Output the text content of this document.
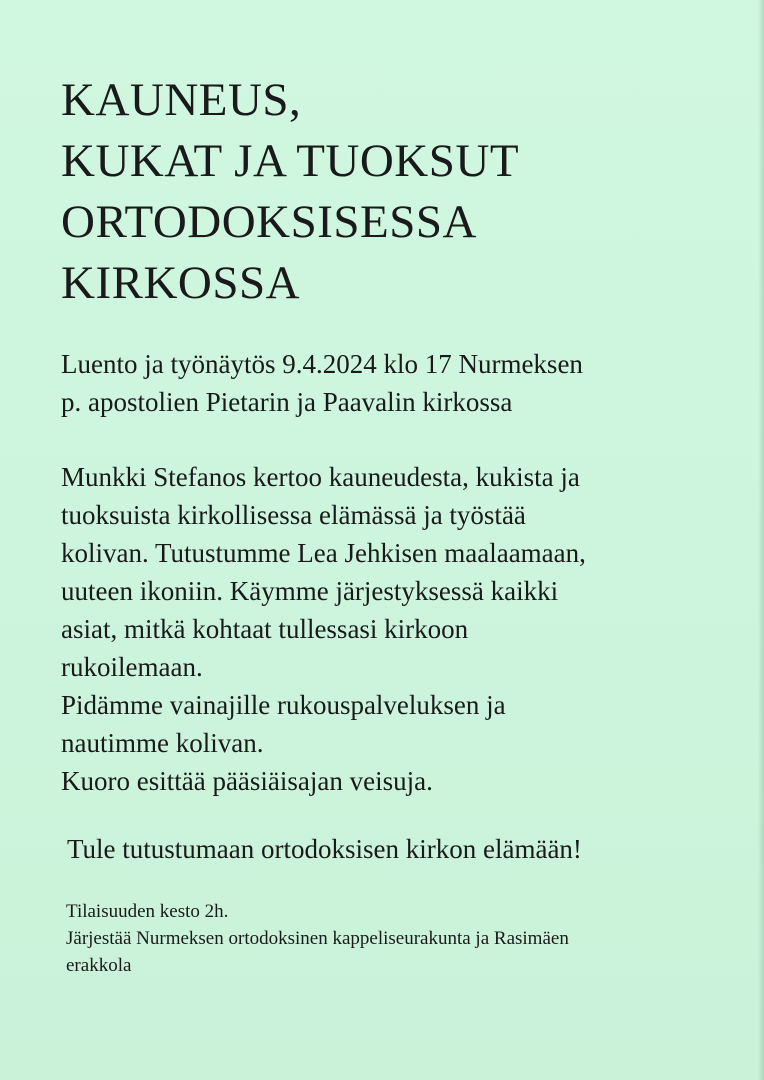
KAUNEUS,
KUKAT JA TUOKSUT
ORTODOKSISESSA
KIRKOSSA

Luento ja työnäytös 9.4.2024 klo 17 Nurmeksen
p. apostolien Pietarin ja Paavalin kirkossa

Munkki Stefanos kertoo kauneudesta, kukista ja
tuoksuista kirkollisessa elämässä ja työstää
kolivan. Tutustumme Lea Jehkisen maalaamaan,
uuteen ikoniin. Käymme järjestyksessä kaikki
asiat, mitkä kohtaat tullessasi kirkoon
rukoilemaan.
Pidämme vainajille rukouspalveluksen ja
nautimme kolivan.
Kuoro esittää pääsiäisajan veisuja.

Tule tutustumaan ortodoksisen kirkon elämään!

Tilaisuuden kesto 2h.
Järjestää Nurmeksen ortodoksinen kappeliseurakunta ja Rasimäen
erakkola
